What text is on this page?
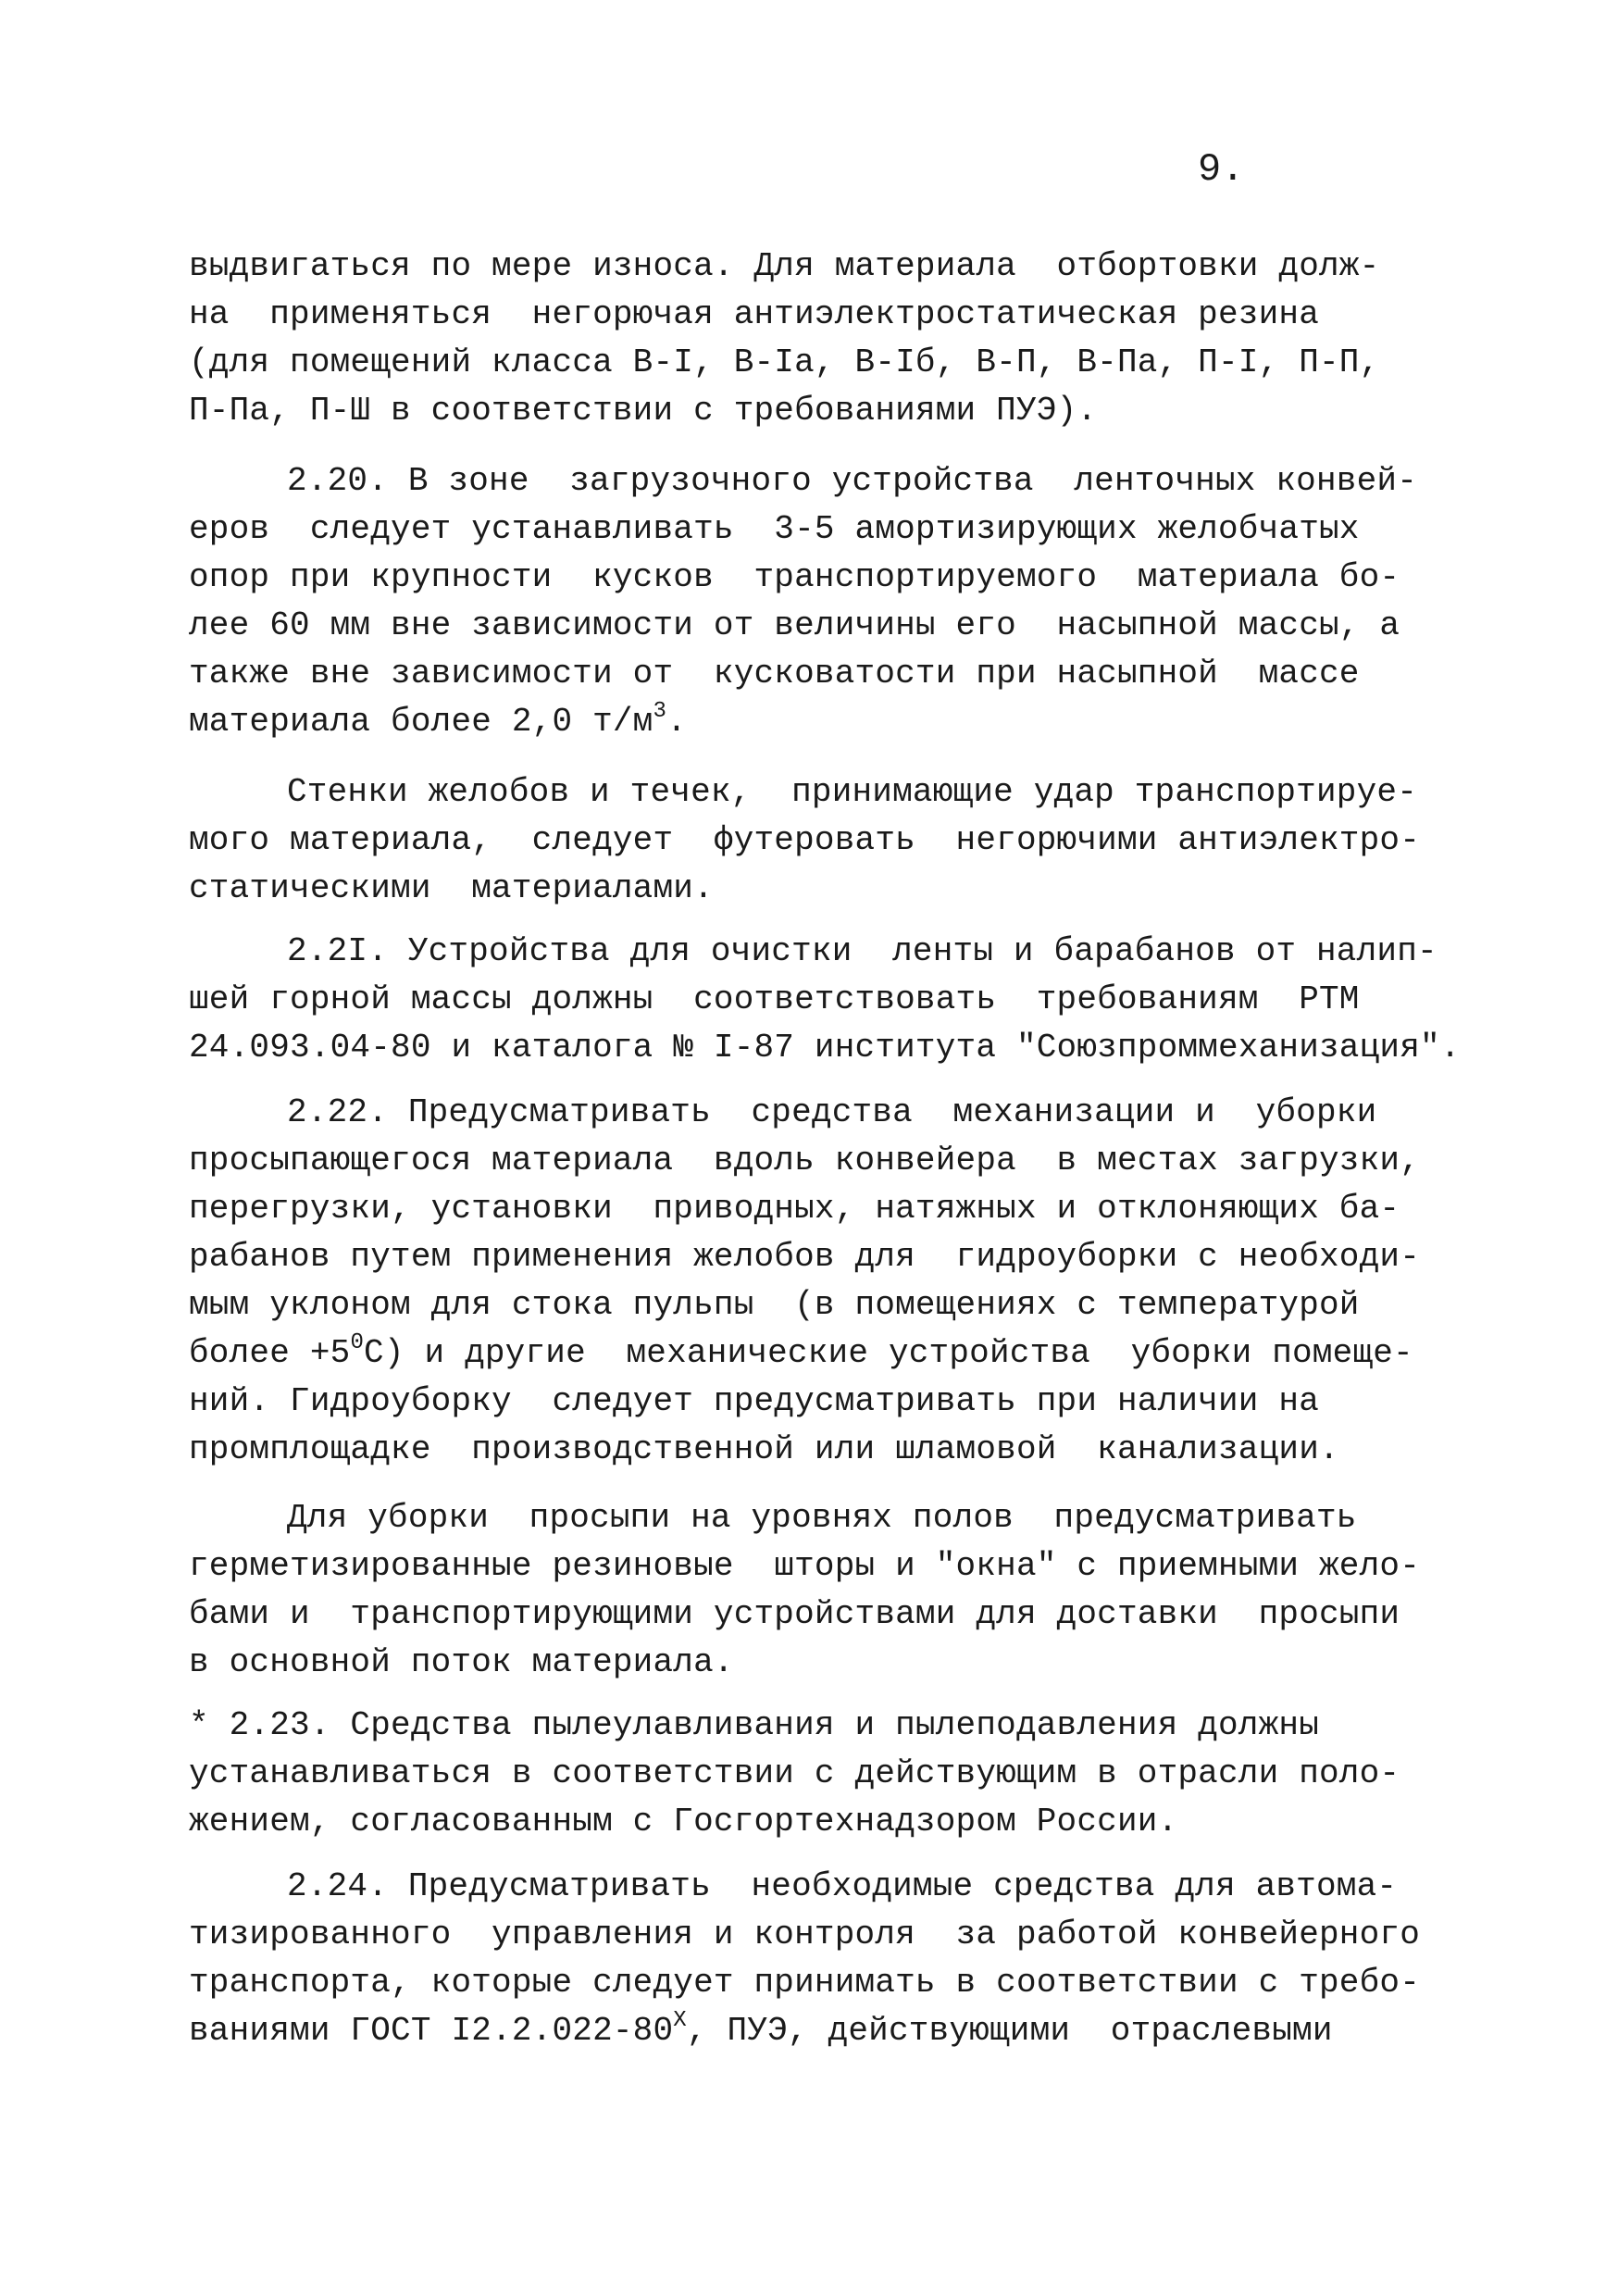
9.
выдвигаться по мере износа. Для материала  отбортовки долж-
на  применяться  негорючая антиэлектростатическая резина
(для помещений класса В-I, В-Iа, В-Iб, В-П, В-Па, П-I, П-П,
П-Па, П-Ш в соответствии с требованиями ПУЭ).
2.20. В зоне  загрузочного устройства  ленточных конвей-
еров  следует устанавливать  3-5 амортизирующих желобчатых
опор при крупности  кусков  транспортируемого  материала бо-
лее 60 мм вне зависимости от величины его  насыпной массы, а
также вне зависимости от  кусковатости при насыпной  массе
материала более 2,0 $т/м^3$.
Стенки желобов и течек,  принимающие удар транспортируе-
мого материала,  следует  футеровать  негорючими антиэлектро-
статическими  материалами.
2.2I. Устройства для очистки  ленты и барабанов от налип-
шей горной массы должны  соответствовать  требованиям  РТМ
24.093.04-80 и каталога № I-87 института "Союзпроммеханизация".
2.22. Предусматривать  средства  механизации и  уборки
просыпающегося материала  вдоль конвейера  в местах загрузки,
перегрузки, установки  приводных, натяжных и отклоняющих ба-
рабанов путем применения желобов для  гидроуборки с необходи-
мым уклоном для стока пульпы  (в помещениях с температурой
более $+5^0С$) и другие  механические устройства  уборки помеще-
ний. Гидроуборку  следует предусматривать при наличии на
промплощадке  производственной или шламовой  канализации.
Для уборки  просыпи на уровнях полов  предусматривать
герметизированные резиновые  шторы и "окна" с приемными жело-
бами и  транспортирующими устройствами для доставки  просыпи
в основной поток материала.
* 2.23. Средства пылеулавливания и пылеподавления должны
устанавливаться в соответствии с действующим в отрасли поло-
жением, согласованным с Госгортехнадзором России.
2.24. Предусматривать  необходимые средства для автома-
тизированного  управления и контроля  за работой конвейерного
транспорта, которые следует принимать в соответствии с требо-
ваниями ГОСТ $I2.2.022-80^Х$, ПУЭ, действующими  отраслевыми
